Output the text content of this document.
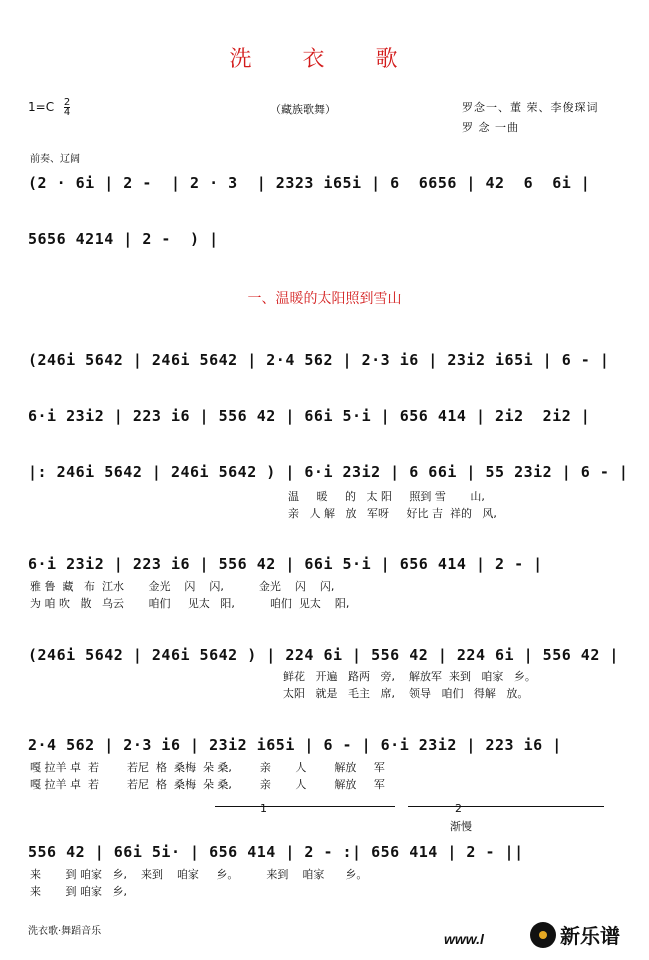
洗 衣 歌
$1=C \frac{2}{4}$	（藏族歌舞）	罗念一、董 荣、李俊琛词
罗 念 一曲
前奏、辽阔
(2 · 6i | 2 -  | 2 · 3  | 2323 i65i | 6  6656 | 42  6  6i |
5656 4214 | 2 -  ) |
一、温暖的太阳照到雪山
(246i 5642 | 246i 5642 | 2·4 562 | 2·3 i6 | 23i2 i65i | 6 - |
6·i 23i2 | 223 i6 | 556 42 | 66i 5·i | 656 414 | 2i2  2i2 |
|: 246i 5642 | 246i 5642 ) | 6·i 23i2 | 6 66i | 55 23i2 | 6 - |
温     暖     的   太 阳     照到 雪       山,
亲   人 解   放   军呀     好比 吉  祥的   风,
6·i 23i2 | 223 i6 | 556 42 | 66i 5·i | 656 414 | 2 - |
雅 鲁  藏   布  江水       金光    闪    闪,          金光    闪    闪,
为 咱 吹   散   乌云       咱们     见太   阳,          咱们  见太    阳,
(246i 5642 | 246i 5642 ) | 224 6i | 556 42 | 224 6i | 556 42 |
鲜花   开遍   路两   旁,    解放军  来到   咱家   乡。
太阳   就是   毛主   席,    领导   咱们   得解   放。
2·4 562 | 2·3 i6 | 23i2 i65i | 6 - | 6·i 23i2 | 223 i6 |
嘎 拉羊 卓  若        若尼  格  桑梅  朵 桑,        亲       人        解放     军
嘎 拉羊 卓  若        若尼  格  桑梅  朵 桑,        亲       人        解放     军
1	2
渐慢
556 42 | 66i 5i· | 656 414 | 2 - :| 656 414 | 2 - ||
来       到 咱家   乡,    来到    咱家     乡。        来到    咱家      乡。
来       到 咱家   乡,
洗衣歌·舞蹈音乐	www.l	新乐谱
